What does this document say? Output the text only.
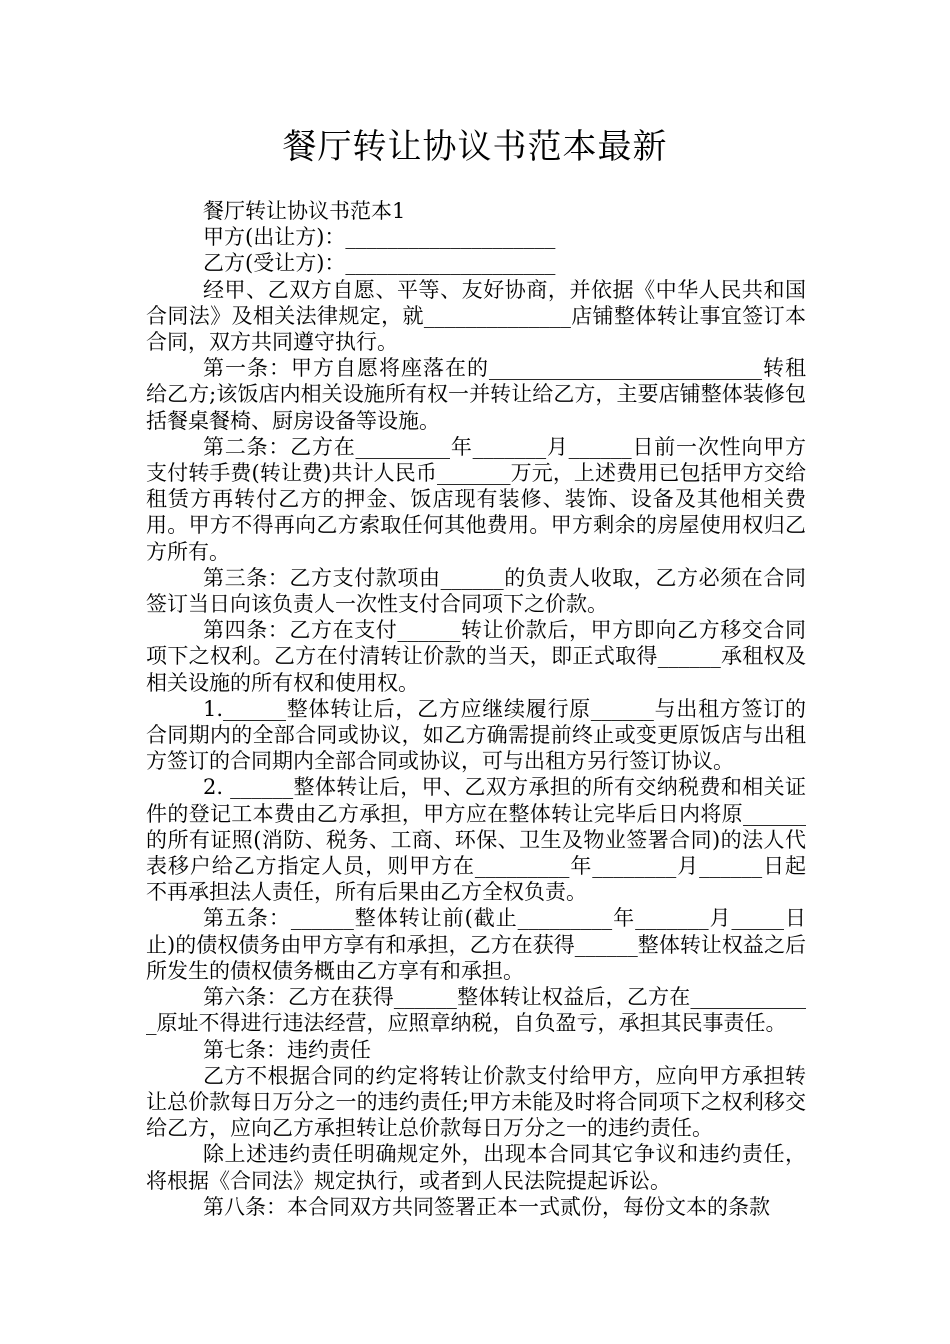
餐厅转让协议书范本最新

餐厅转让协议书范本1

甲方(出让方)：____________________

乙方(受让方)：____________________

经甲、乙双方自愿、平等、友好协商，并依据《中华人民共和国合同法》及相关法律规定，就______________店铺整体转让事宜签订本合同，双方共同遵守执行。

第一条：甲方自愿将座落在的__________________________转租给乙方;该饭店内相关设施所有权一并转让给乙方，主要店铺整体装修包括餐桌餐椅、厨房设备等设施。

第二条：乙方在_________年_______月______日前一次性向甲方支付转手费(转让费)共计人民币_______万元，上述费用已包括甲方交给租赁方再转付乙方的押金、饭店现有装修、装饰、设备及其他相关费用。甲方不得再向乙方索取任何其他费用。甲方剩余的房屋使用权归乙方所有。

第三条：乙方支付款项由______的负责人收取，乙方必须在合同签订当日向该负责人一次性支付合同项下之价款。

第四条：乙方在支付______转让价款后，甲方即向乙方移交合同项下之权利。乙方在付清转让价款的当天，即正式取得______承租权及相关设施的所有权和使用权。

1.______整体转让后，乙方应继续履行原______与出租方签订的合同期内的全部合同或协议，如乙方确需提前终止或变更原饭店与出租方签订的合同期内全部合同或协议，可与出租方另行签订协议。

2. ______整体转让后，甲、乙双方承担的所有交纳税费和相关证件的登记工本费由乙方承担，甲方应在整体转让完毕后日内将原______的所有证照(消防、税务、工商、环保、卫生及物业签署合同)的法人代表移户给乙方指定人员，则甲方在_________年________月______日起不再承担法人责任，所有后果由乙方全权负责。

第五条：______整体转让前(截止_________年_______月_____日止)的债权债务由甲方享有和承担，乙方在获得______整体转让权益之后所发生的债权债务概由乙方享有和承担。

第六条：乙方在获得______整体转让权益后，乙方在____________原址不得进行违法经营，应照章纳税，自负盈亏，承担其民事责任。

第七条：违约责任

乙方不根据合同的约定将转让价款支付给甲方，应向甲方承担转让总价款每日万分之一的违约责任;甲方未能及时将合同项下之权利移交给乙方，应向乙方承担转让总价款每日万分之一的违约责任。

除上述违约责任明确规定外，出现本合同其它争议和违约责任，将根据《合同法》规定执行，或者到人民法院提起诉讼。

第八条：本合同双方共同签署正本一式贰份，每份文本的条款
